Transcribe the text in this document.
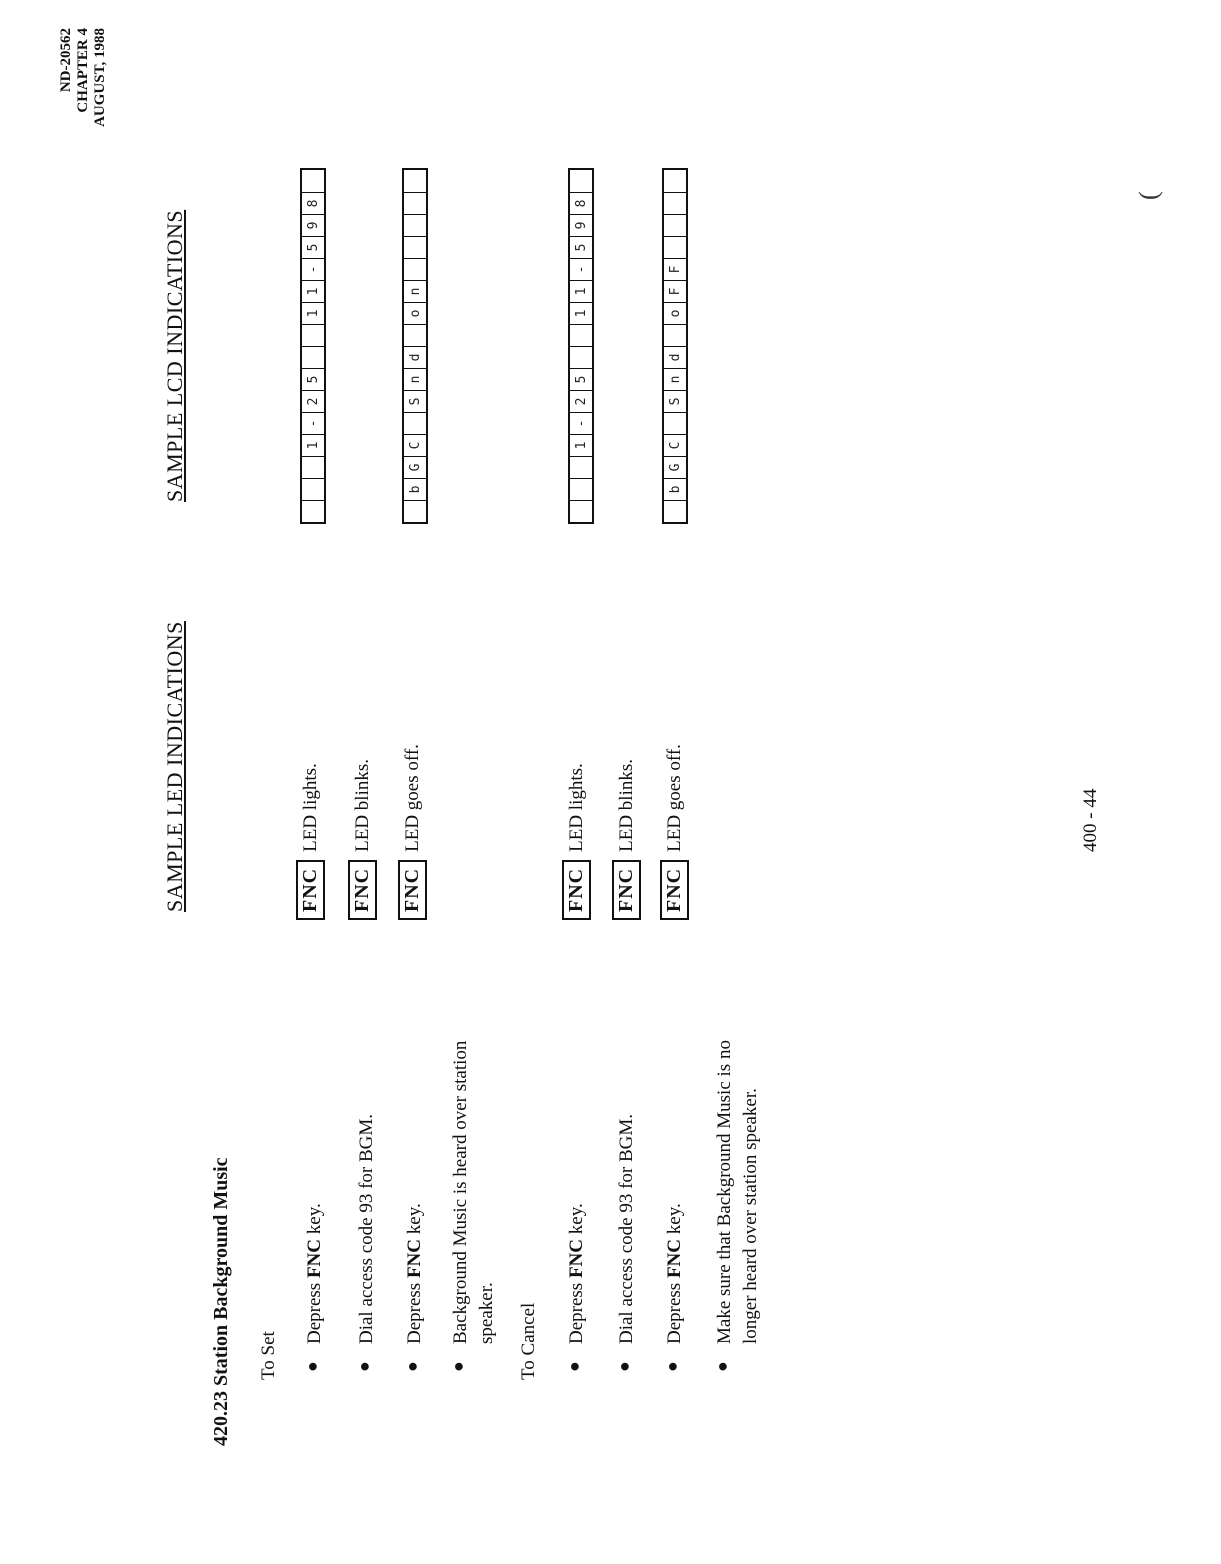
ND-20562 CHAPTER 4 AUGUST, 1988
SAMPLE LED INDICATIONS
SAMPLE LCD INDICATIONS
420.23 Station Background Music To Set ●
Depress FNC key.
●
Dial access code 93 for BGM.
●
Depress FNC key.
●
Background Music is heard over station speaker. To Cancel ●
Depress FNC key.
●
Dial access code 93 for BGM.
●
Depress FNC key.
●
Make sure that Background Music is no longer heard over station speaker.
FNC
LED lights.
FNC
LED blinks.
FNC
LED goes off.
FNC
LED lights.
FNC
LED blinks.
FNC
LED goes off.
1
-
2
5
1
1
-
5
9
8
b
G
C
S
n
d
o
n
1
-
2
5
1
1
-
5
9
8
b
G
C
S
n
d
o
F
F
400 - 44
(
